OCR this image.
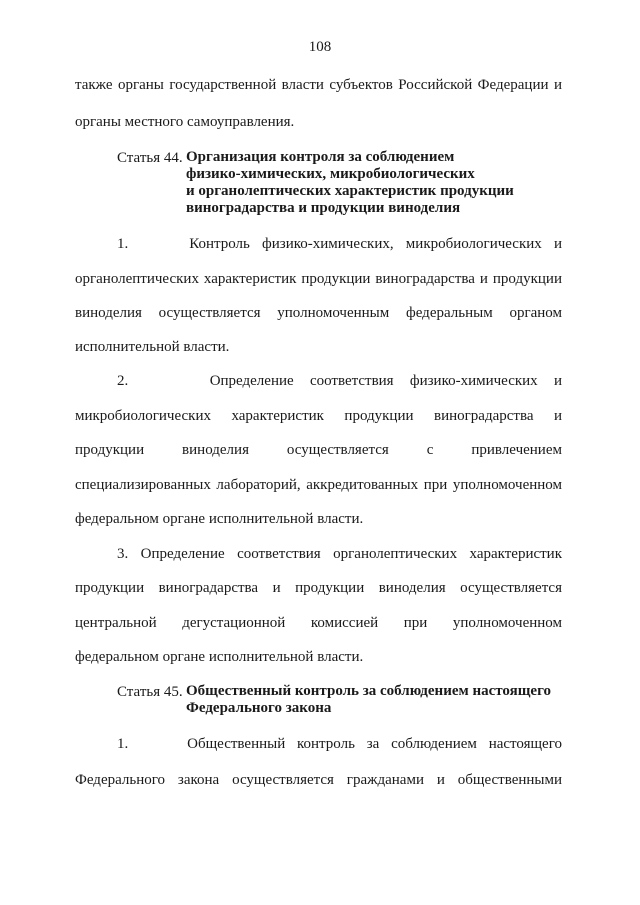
108
также органы государственной власти субъектов Российской Федерации и
органы местного самоуправления.
Статья 44. Организация контроля за соблюдением
физико-химических, микробиологических
и органолептических характеристик продукции
виноградарства и продукции виноделия
1.     Контроль физико-химических, микробиологических и
органолептических характеристик продукции виноградарства и продукции
виноделия осуществляется уполномоченным федеральным органом
исполнительной власти.
2.     Определение соответствия физико-химических и
микробиологических характеристик продукции виноградарства и
продукции виноделия осуществляется с привлечением
специализированных лабораторий, аккредитованных при уполномоченном
федеральном органе исполнительной власти.
3. Определение соответствия органолептических характеристик
продукции виноградарства и продукции виноделия осуществляется
центральной дегустационной комиссией при уполномоченном
федеральном органе исполнительной власти.
Статья 45. Общественный контроль за соблюдением настоящего
Федерального закона
1.     Общественный контроль за соблюдением настоящего
Федерального закона осуществляется гражданами и общественными
